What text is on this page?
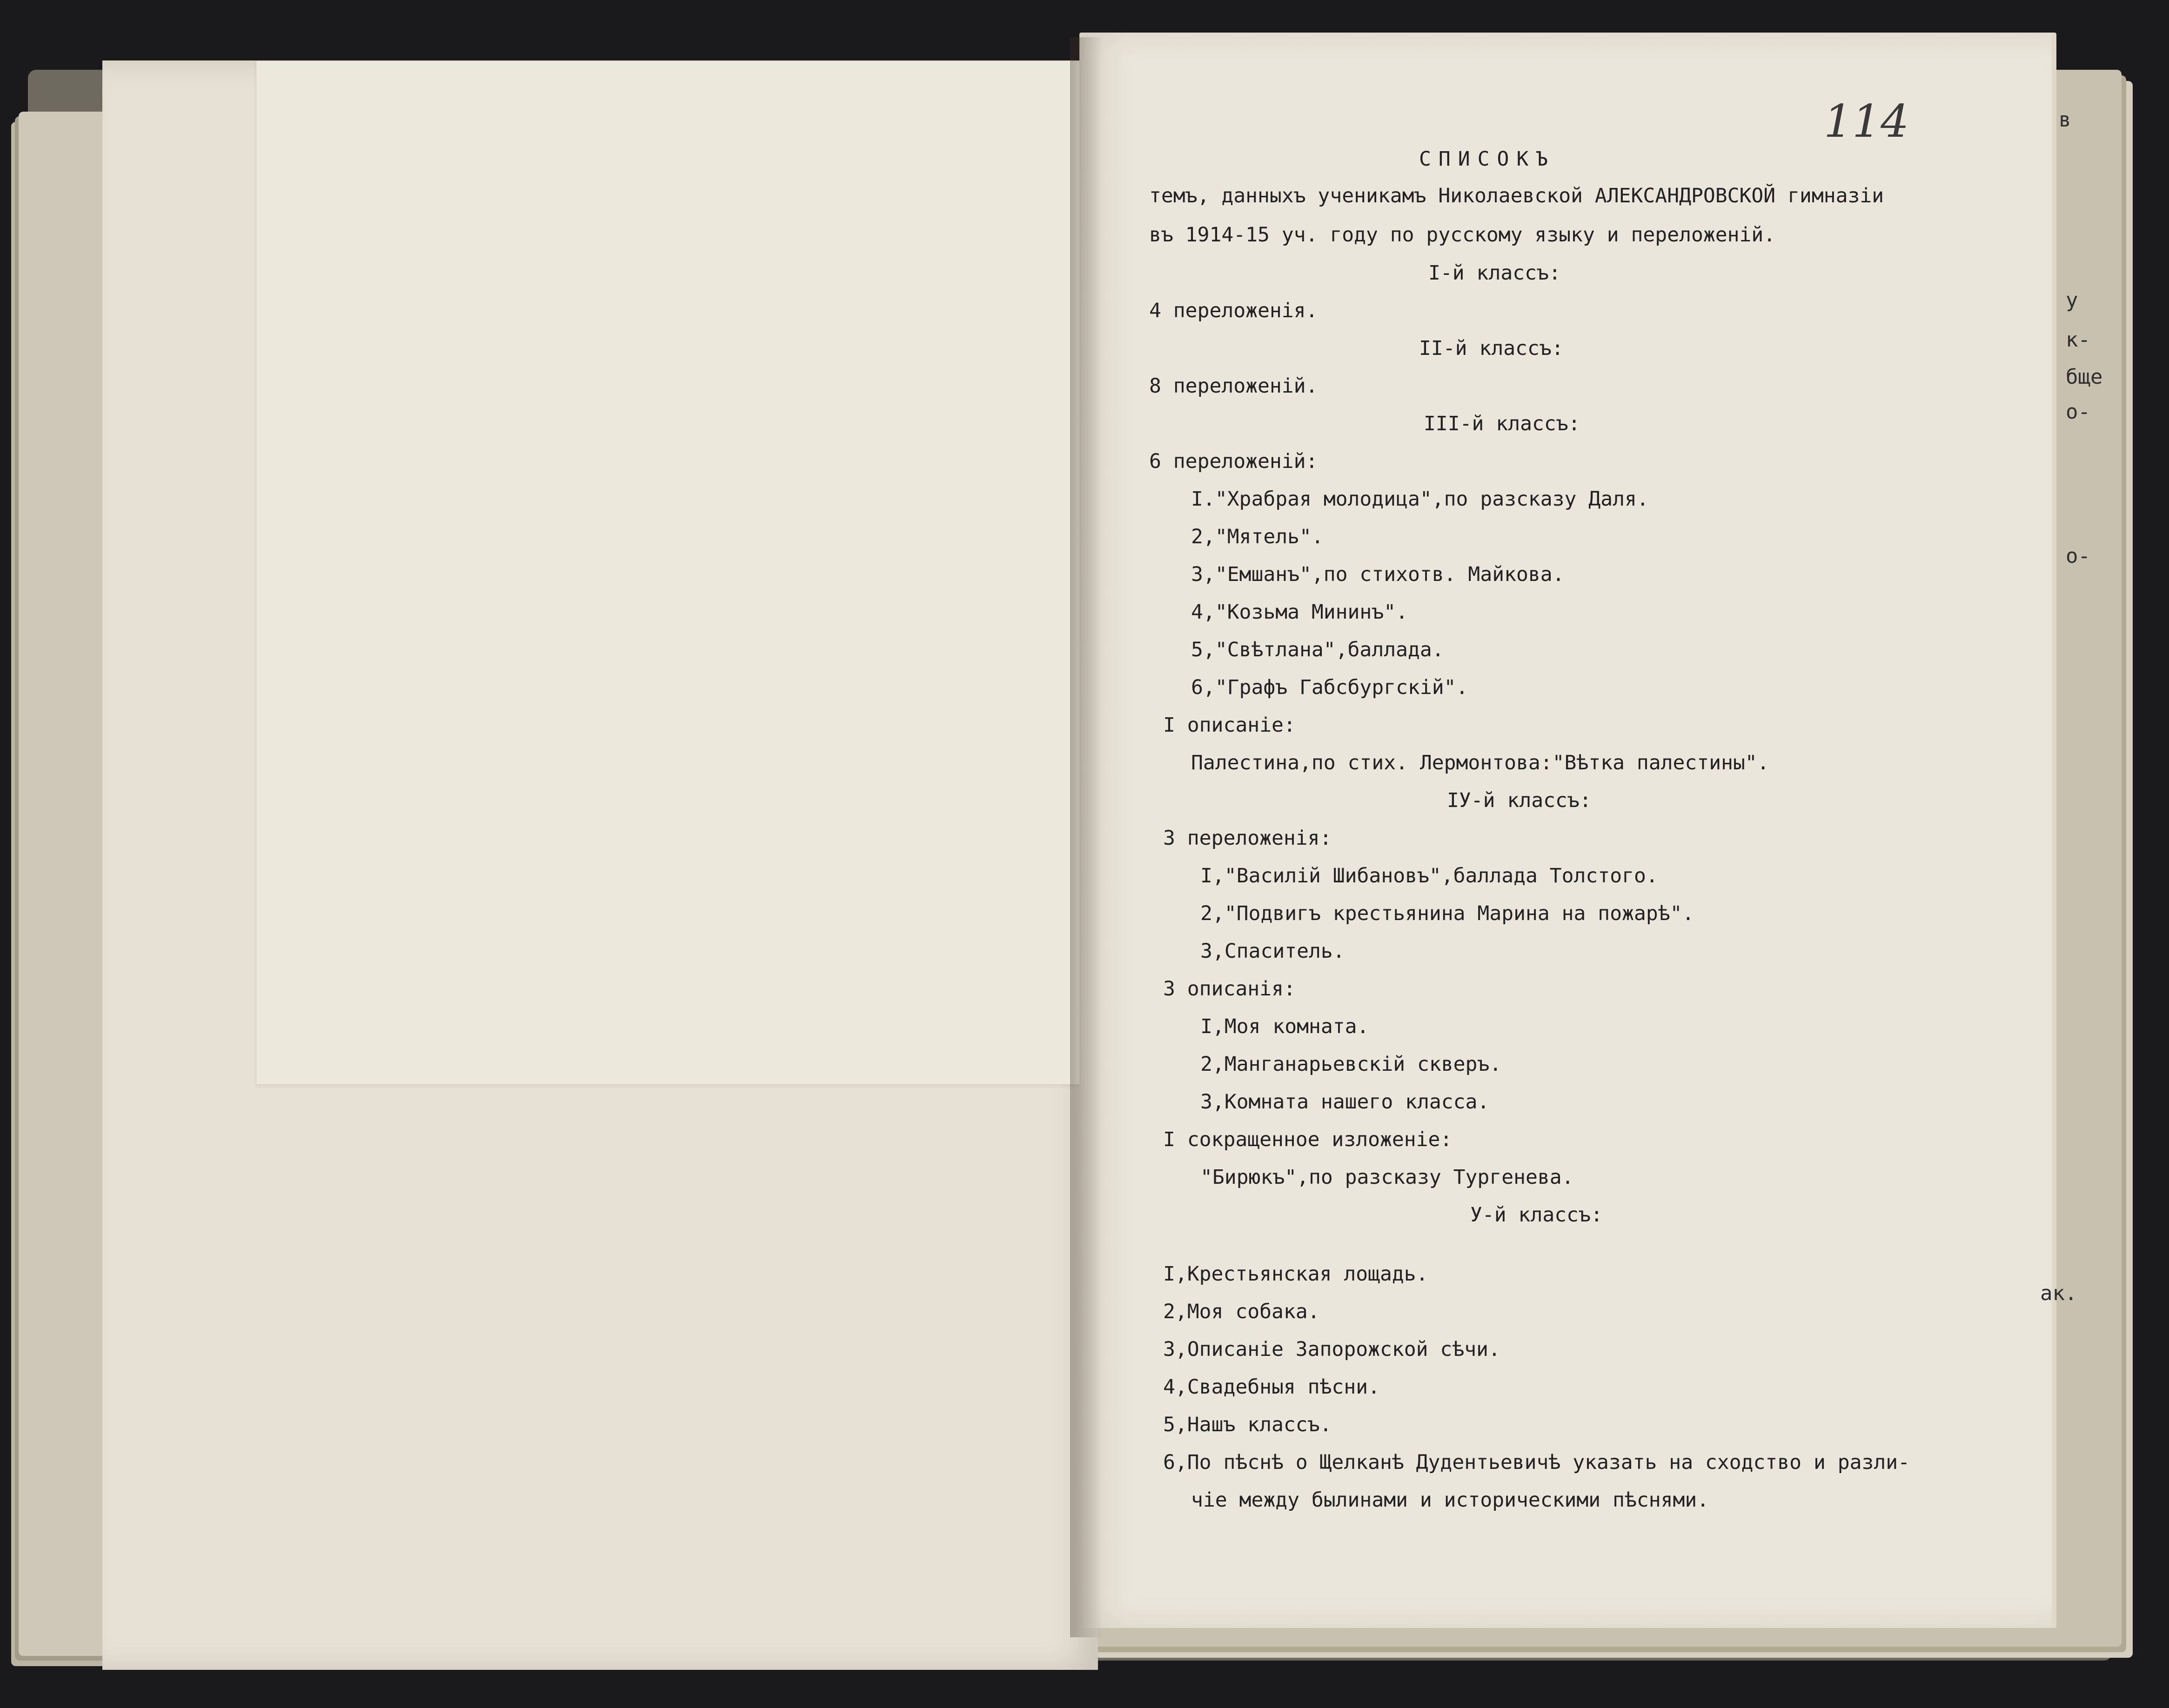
114	в
у
к-
бще
о-
о-
ак.
СПИСОКЪ
темъ, данныхъ ученикамъ Николаевской АЛЕКСАНДРОВСКОЙ гимназiи
въ 1914-15 уч. году по русскому языку и переложенiй.
I-й классъ:
4 переложенiя.
II-й классъ:
8 переложенiй.
III-й классъ:
6 переложенiй:
I."Храбрая молодица",по разсказу Даля.
2,"Мятель".
3,"Емшанъ",по стихотв. Майкова.
4,"Козьма Мининъ".
5,"Свѣтлана",баллада.
6,"Графъ Габсбургскiй".
I описанiе:
Палестина,по стих. Лермонтова:"Вѣтка палестины".
IУ-й классъ:
3 переложенiя:
I,"Василiй Шибановъ",баллада Толстого.
2,"Подвигъ крестьянина Марина на пожарѣ".
3,Спаситель.
3 описанiя:
I,Моя комната.
2,Манганарьевскiй скверъ.
3,Комната нашего класса.
I сокращенное изложенiе:
"Бирюкъ",по разсказу Тургенева.
У-й классъ:
I,Крестьянская лощадь.
2,Моя собака.
3,Описанiе Запорожской сѣчи.
4,Свадебныя пѣсни.
5,Нашъ классъ.
6,По пѣснѣ о Щелканѣ Дудентьевичѣ указать на сходство и разли-
чiе между былинами и историческими пѣснями.
